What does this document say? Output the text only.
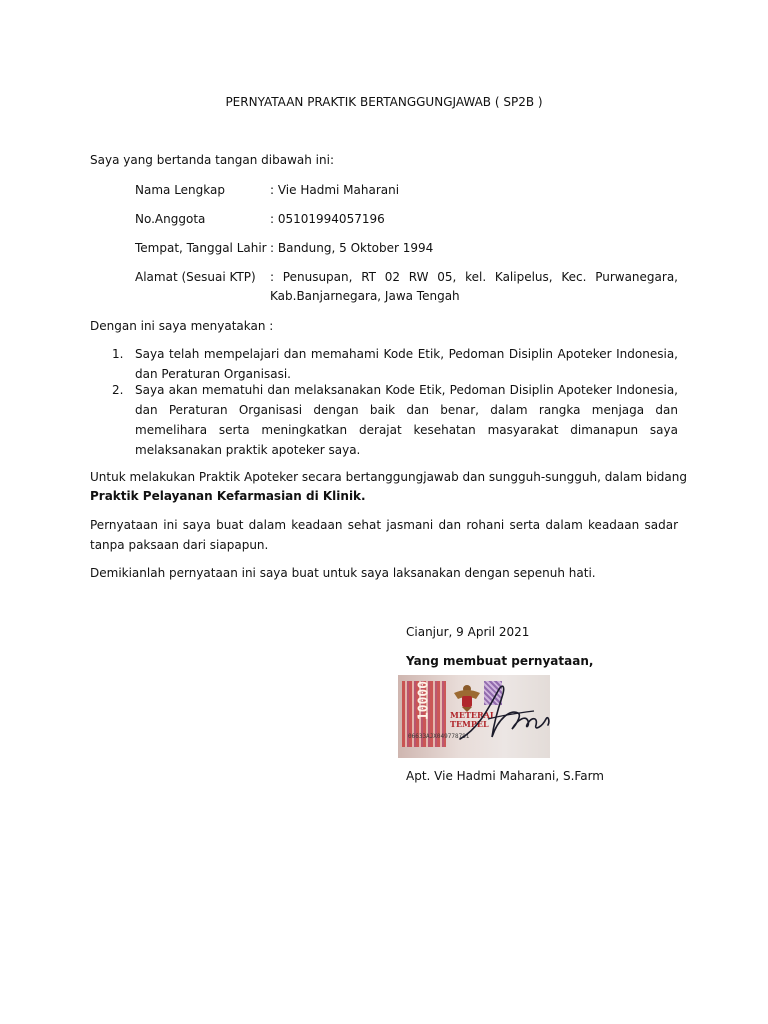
PERNYATAAN PRAKTIK BERTANGGUNGJAWAB ( SP2B )
Saya yang bertanda tangan dibawah ini:
Nama Lengkap	: Vie Hadmi Maharani
No.Anggota	: 05101994057196
Tempat, Tanggal Lahir : Bandung, 5 Oktober 1994
Alamat (Sesuai KTP) : Penusupan, RT 02 RW 05, kel. Kalipelus, Kec. Purwanegara,
Kab.Banjarnegara, Jawa Tengah
Dengan ini saya menyatakan :
1. Saya telah mempelajari dan memahami Kode Etik, Pedoman Disiplin Apoteker Indonesia, dan Peraturan Organisasi.
2. Saya akan mematuhi dan melaksanakan Kode Etik, Pedoman Disiplin Apoteker Indonesia, dan Peraturan Organisasi dengan baik dan benar, dalam rangka menjaga dan memelihara serta meningkatkan derajat kesehatan masyarakat dimanapun saya melaksanakan praktik apoteker saya.
Untuk melakukan Praktik Apoteker secara bertanggungjawab dan sungguh-sungguh, dalam bidang
Praktik Pelayanan Kefarmasian di Klinik.
Pernyataan ini saya buat dalam keadaan sehat jasmani dan rohani serta dalam keadaan sadar tanpa paksaan dari siapapun.
Demikianlah pernyataan ini saya buat untuk saya laksanakan dengan sepenuh hati.
Cianjur, 9 April 2021
Yang membuat pernyataan,
10000 METERAI
TEMPEL
06633AJX049778781
Apt. Vie Hadmi Maharani, S.Farm
